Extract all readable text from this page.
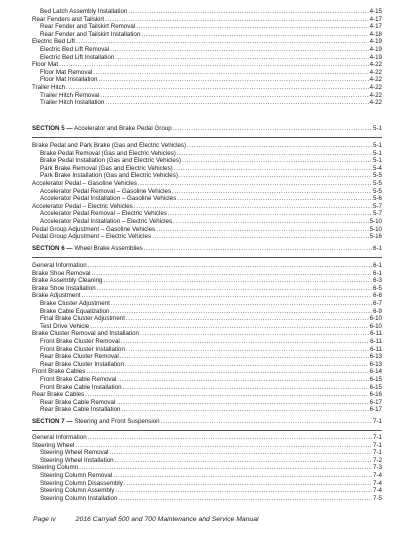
Bed Latch Assembly Installation .....	4-15
Rear Fenders and Tailskirt .....	4-17
Rear Fender and Tailskirt Removal .....	4-17
Rear Fender and Tailskirt Installation .....	4-18
Electric Bed Lift .....	4-19
Electric Bed Lift Removal .....	4-19
Electric Bed Lift Installation .....	4-19
Floor Mat .....	4-22
Floor Mat Removal .....	4-22
Floor Mat Installation .....	4-22
Trailer Hitch .....	4-22
Trailer Hitch Removal .....	4-22
Trailer Hitch Installation .....	4-22
SECTION 5 — Accelerator and Brake Pedal Group .....	5-1
Brake Pedal and Park Brake (Gas and Electric Vehicles) .....	5-1
Brake Pedal Removal (Gas and Electric Vehicles) .....	5-1
Brake Pedal Installation (Gas and Electric Vehicles) .....	5-1
Park Brake Removal (Gas and Electric Vehicles) .....	5-4
Park Brake Installation (Gas and Electric Vehicles) .....	5-5
Accelerator Pedal – Gasoline Vehicles .....	5-5
Accelerator Pedal Removal – Gasoline Vehicles .....	5-5
Accelerator Pedal Installation – Gasoline Vehicles .....	5-6
Accelerator Pedal – Electric Vehicles .....	5-7
Accelerator Pedal Removal – Electric Vehicles .....	5-7
Accelerator Pedal Installation – Electric Vehicles .....	5-10
Pedal Group Adjustment – Gasoline Vehicles .....	5-10
Pedal Group Adjustment – Electric Vehicles .....	5-16
SECTION 6 — Wheel Brake Assemblies .....	6-1
General Information .....	6-1
Brake Shoe Removal .....	6-1
Brake Assembly Cleaning .....	6-3
Brake Shoe Installation .....	6-5
Brake Adjustment .....	6-6
Brake Cluster Adjustment .....	6-7
Brake Cable Equalization .....	6-9
Final Brake Cluster Adjustment .....	6-10
Test Drive Vehicle .....	6-10
Brake Cluster Removal and Installation .....	6-11
Front Brake Cluster Removal .....	6-11
Front Brake Cluster Installation .....	6-11
Rear Brake Cluster Removal .....	6-13
Rear Brake Cluster Installation .....	6-13
Front Brake Cables .....	6-14
Front Brake Cable Removal .....	6-15
Front Brake Cable Installation .....	6-15
Rear Brake Cables .....	6-16
Rear Brake Cable Removal .....	6-17
Rear Brake Cable Installation .....	6-17
SECTION 7 — Steering and Front Suspension .....	7-1
General Information .....	7-1
Steering Wheel .....	7-1
Steering Wheel Removal .....	7-1
Steering Wheel Installation .....	7-2
Steering Column .....	7-3
Steering Column Removal .....	7-4
Steering Column Disassembly .....	7-4
Steering Column Assembly .....	7-4
Steering Column Installation .....	7-5
Page iv	2016 Carryall 500 and 700 Maintenance and Service Manual
